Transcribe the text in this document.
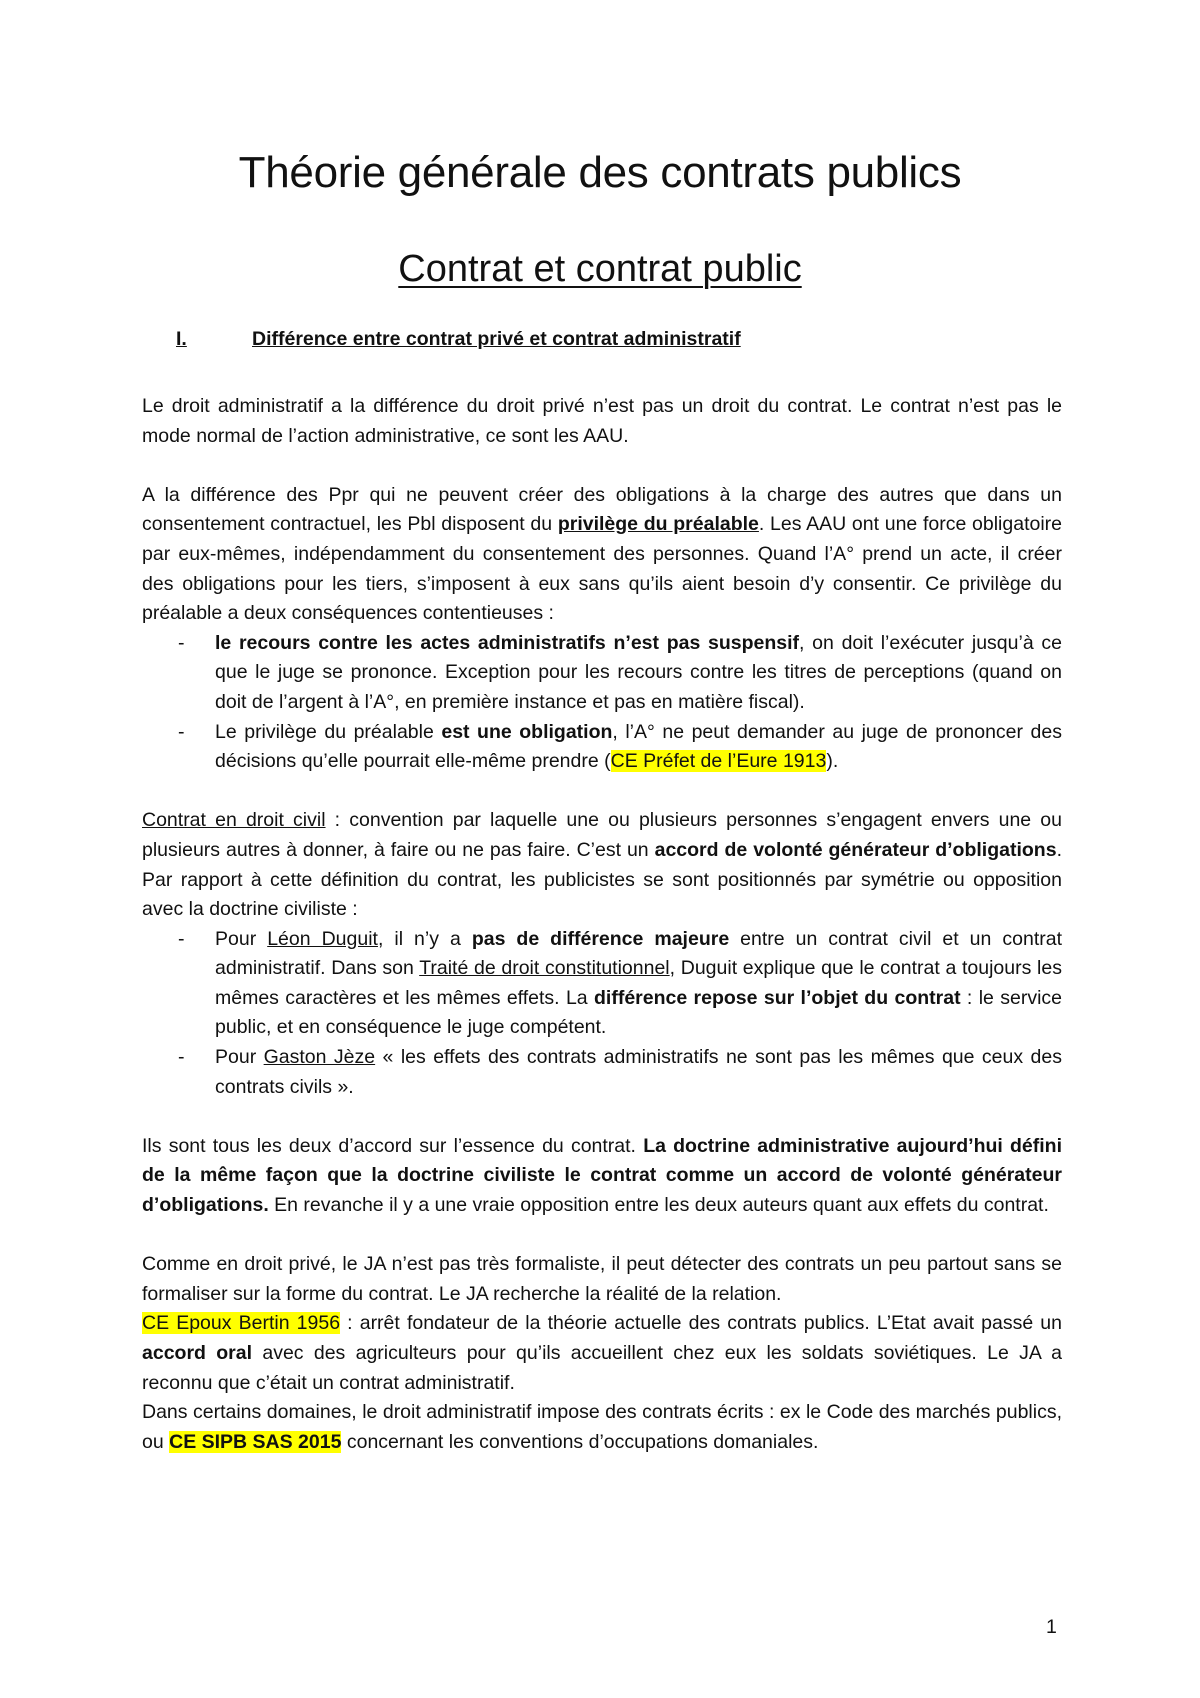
Théorie générale des contrats publics
Contrat et contrat public
I.	Différence entre contrat privé et contrat administratif

Le droit administratif a la différence du droit privé n’est pas un droit du contrat. Le contrat n’est pas le mode normal de l’action administrative, ce sont les AAU.

A la différence des Ppr qui ne peuvent créer des obligations à la charge des autres que dans un consentement contractuel, les Pbl disposent du privilège du préalable. Les AAU ont une force obligatoire par eux-mêmes, indépendamment du consentement des personnes. Quand l’A° prend un acte, il créer des obligations pour les tiers, s’imposent à eux sans qu’ils aient besoin d’y consentir. Ce privilège du préalable a deux conséquences contentieuses :

- le recours contre les actes administratifs n’est pas suspensif, on doit l’exécuter jusqu’à ce que le juge se prononce. Exception pour les recours contre les titres de perceptions (quand on doit de l’argent à l’A°, en première instance et pas en matière fiscal).
- Le privilège du préalable est une obligation, l’A° ne peut demander au juge de prononcer des décisions qu’elle pourrait elle-même prendre (CE Préfet de l’Eure 1913).

Contrat en droit civil : convention par laquelle une ou plusieurs personnes s’engagent envers une ou plusieurs autres à donner, à faire ou ne pas faire. C’est un accord de volonté générateur d’obligations. Par rapport à cette définition du contrat, les publicistes se sont positionnés par symétrie ou opposition avec la doctrine civiliste :

- Pour Léon Duguit, il n’y a pas de différence majeure entre un contrat civil et un contrat administratif. Dans son Traité de droit constitutionnel, Duguit explique que le contrat a toujours les mêmes caractères et les mêmes effets. La différence repose sur l’objet du contrat : le service public, et en conséquence le juge compétent.
- Pour Gaston Jèze « les effets des contrats administratifs ne sont pas les mêmes que ceux des contrats civils ».

Ils sont tous les deux d’accord sur l’essence du contrat. La doctrine administrative aujourd’hui défini de la même façon que la doctrine civiliste le contrat comme un accord de volonté générateur d’obligations. En revanche il y a une vraie opposition entre les deux auteurs quant aux effets du contrat.

Comme en droit privé, le JA n’est pas très formaliste, il peut détecter des contrats un peu partout sans se formaliser sur la forme du contrat. Le JA recherche la réalité de la relation.

CE Epoux Bertin 1956 : arrêt fondateur de la théorie actuelle des contrats publics. L’Etat avait passé un accord oral avec des agriculteurs pour qu’ils accueillent chez eux les soldats soviétiques. Le JA a reconnu que c’était un contrat administratif.

Dans certains domaines, le droit administratif impose des contrats écrits : ex le Code des marchés publics, ou CE SIPB SAS 2015 concernant les conventions d’occupations domaniales.

1
